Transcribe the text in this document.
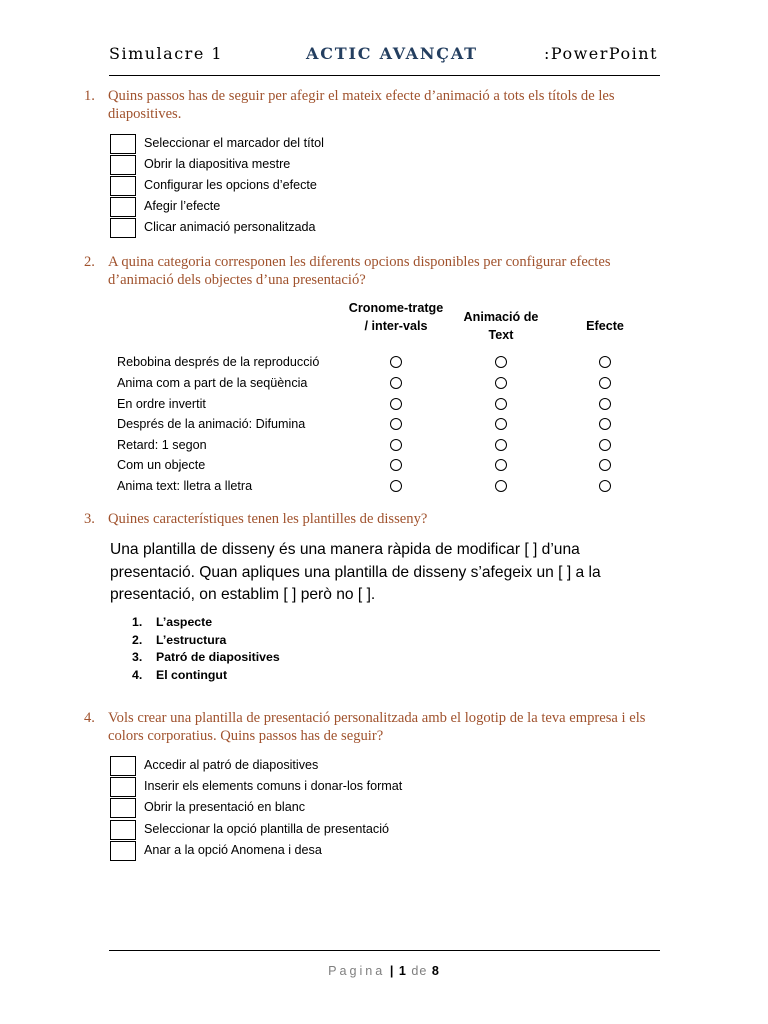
Simulacre 1	ACTIC AVANÇAT	:PowerPoint
1. Quins passos has de seguir per afegir el mateix efecte d’animació a tots els títols de les diapositives.
Seleccionar el marcador del títol
Obrir la diapositiva mestre
Configurar les opcions d’efecte
Afegir l’efecte
Clicar animació personalitzada
2. A quina categoria corresponen les diferents opcions disponibles per configurar efectes d’animació dels objectes d’una presentació?
Cronome-tratge / inter-vals
Animació de Text
Efecte
Rebobina després de la reproducció
Anima com a part de la seqüència
En ordre invertit
Després de la animació: Difumina
Retard: 1 segon
Com un objecte
Anima text: lletra a lletra
3. Quines característiques tenen les plantilles de disseny?
Una plantilla de disseny és una manera ràpida de modificar [ ] d’una presentació. Quan apliques una plantilla de disseny s’afegeix un [ ] a la presentació, on establim [ ] però no [ ].
1. L’aspecte
2. L’estructura
3. Patró de diapositives
4. El contingut
4. Vols crear una plantilla de presentació personalitzada amb el logotip de la teva empresa i els colors corporatius. Quins passos has de seguir?
Accedir al patró de diapositives
Inserir els elements comuns i donar-los format
Obrir la presentació en blanc
Seleccionar la opció plantilla de presentació
Anar a la opció Anomena i desa
Pagina | 1 de 8
